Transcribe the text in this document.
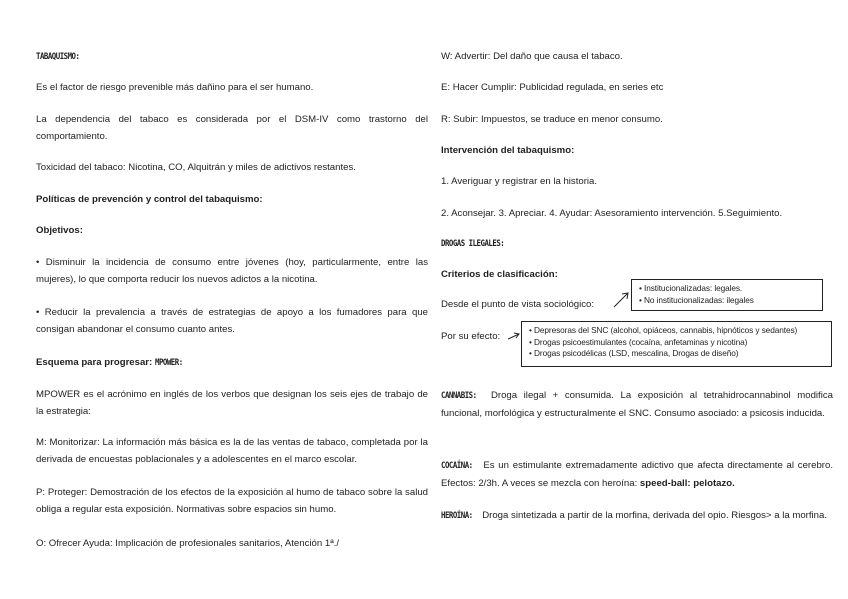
TABAQUISMO:

Es el factor de riesgo prevenible más dañino para el ser humano.

La dependencia del tabaco es considerada por el DSM-IV como trastorno del comportamiento.

Toxicidad del tabaco: Nicotina, CO, Alquitrán y miles de adictivos restantes.

Políticas de prevención y control del tabaquismo:

Objetivos:

• Disminuir la incidencia de consumo entre jóvenes (hoy, particularmente, entre las mujeres), lo que comporta reducir los nuevos adictos a la nicotina.

• Reducir la prevalencia a través de estrategias de apoyo a los fumadores para que consigan abandonar el consumo cuanto antes.

Esquema para progresar: MPOWER:

MPOWER es el acrónimo en inglés de los verbos que designan los seis ejes de trabajo de la estrategia:

M: Monitorizar: La información más básica es la de las ventas de tabaco, completada por la derivada de encuestas poblacionales y a adolescentes en el marco escolar.

P: Proteger: Demostración de los efectos de la exposición al humo de tabaco sobre la salud obliga a regular esta exposición. Normativas sobre espacios sin humo.

O: Ofrecer Ayuda: Implicación de profesionales sanitarios, Atención 1ª./

W: Advertir: Del daño que causa el tabaco.

E: Hacer Cumplir: Publicidad regulada, en series etc

R: Subir: Impuestos, se traduce en menor consumo.

Intervención del tabaquismo:

1. Averiguar y registrar en la historia.

2. Aconsejar. 3. Apreciar. 4. Ayudar: Asesoramiento intervención. 5.Seguimiento.

DROGAS ILEGALES:

Criterios de clasificación:

Desde el punto de vista sociológico:

Por su efecto:

CANNABIS: Droga ilegal + consumida. La exposición al tetrahidrocannabinol modifica funcional, morfológica y estructuralmente el SNC. Consumo asociado: a psicosis inducida.

COCAÍNA: Es un estimulante extremadamente adictivo que afecta directamente al cerebro. Efectos: 2/3h. A veces se mezcla con heroína: speed-ball: pelotazo.

HEROÍNA: Droga sintetizada a partir de la morfina, derivada del opio. Riesgos> a la morfina.

• Institucionalizadas: legales.
• No institucionalizadas: ilegales
• Depresoras del SNC (alcohol, opiáceos, cannabis, hipnóticos y sedantes)
• Drogas psicoestimulantes (cocaína, anfetaminas y nicotina)
• Drogas psicodélicas (LSD, mescalina, Drogas de diseño)
